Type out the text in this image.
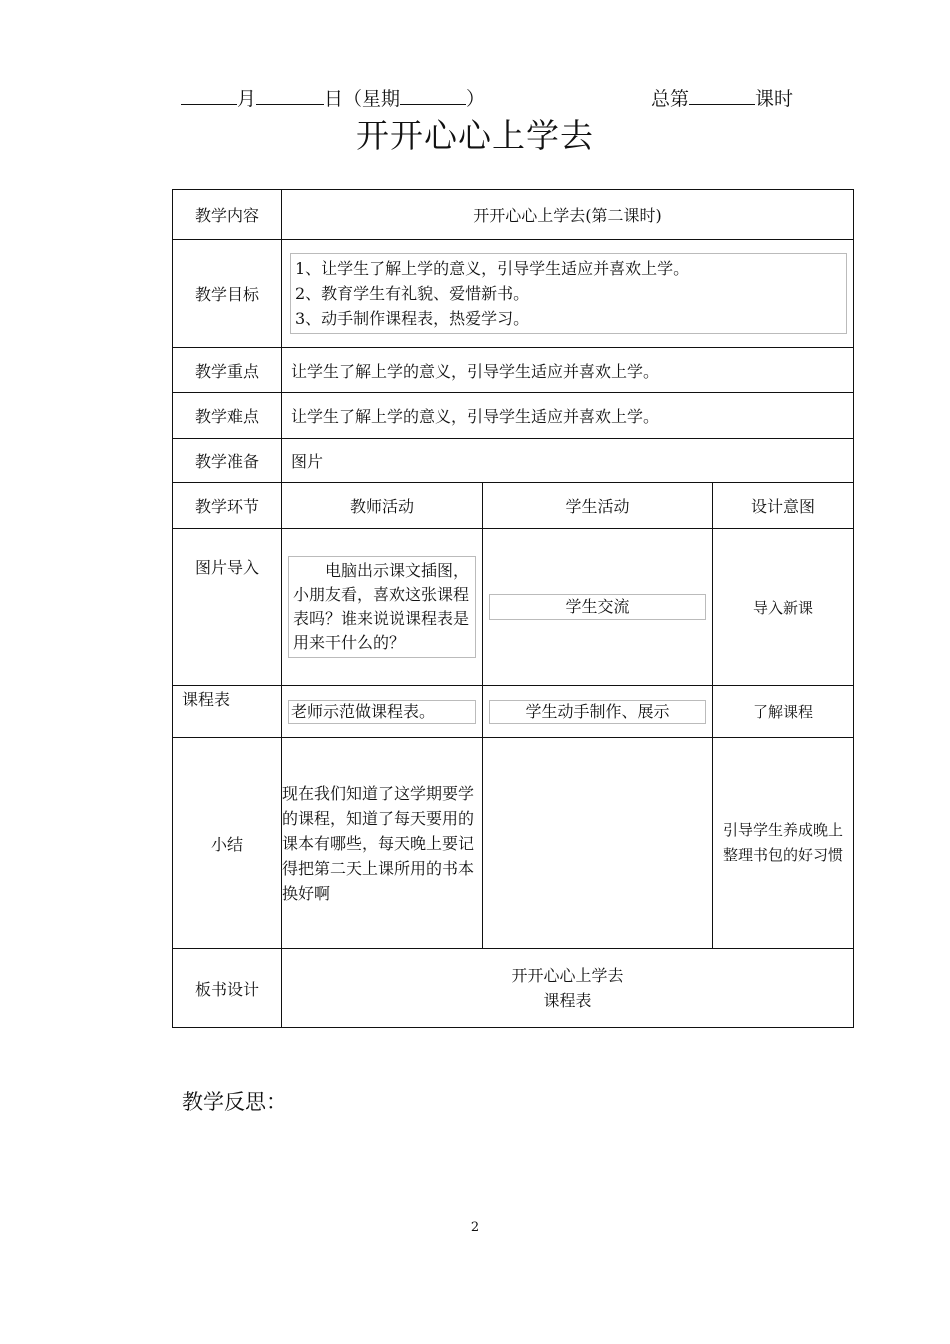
月	日（星期	）	总第	课时
开开心心上学去
教学内容	开开心心上学去(第二课时)		
教学目标	1、让学生了解上学的意义，引导学生适应并喜欢上学。
2、教育学生有礼貌、爱惜新书。
3、动手制作课程表，热爱学习。		

教学重点	让学生了解上学的意义，引导学生适应并喜欢上学。		
教学难点	让学生了解上学的意义，引导学生适应并喜欢上学。		
教学准备	图片		
教学环节	教师活动	学生活动	设计意图
图片导入	电脑出示课文插图，小朋友看，喜欢这张课程表吗？谁来说说课程表是用来干什么的？	学生交流	导入新课
课程表	老师示范做课程表。	学生动手制作、展示	了解课程
小结	现在我们知道了这学期要学的课程，知道了每天要用的课本有哪些，每天晚上要记得把第二天上课所用的书本换好啊		引导学生养成晚上整理书包的好习惯
板书设计	开开心心上学去
课程表		
教学反思：
2
